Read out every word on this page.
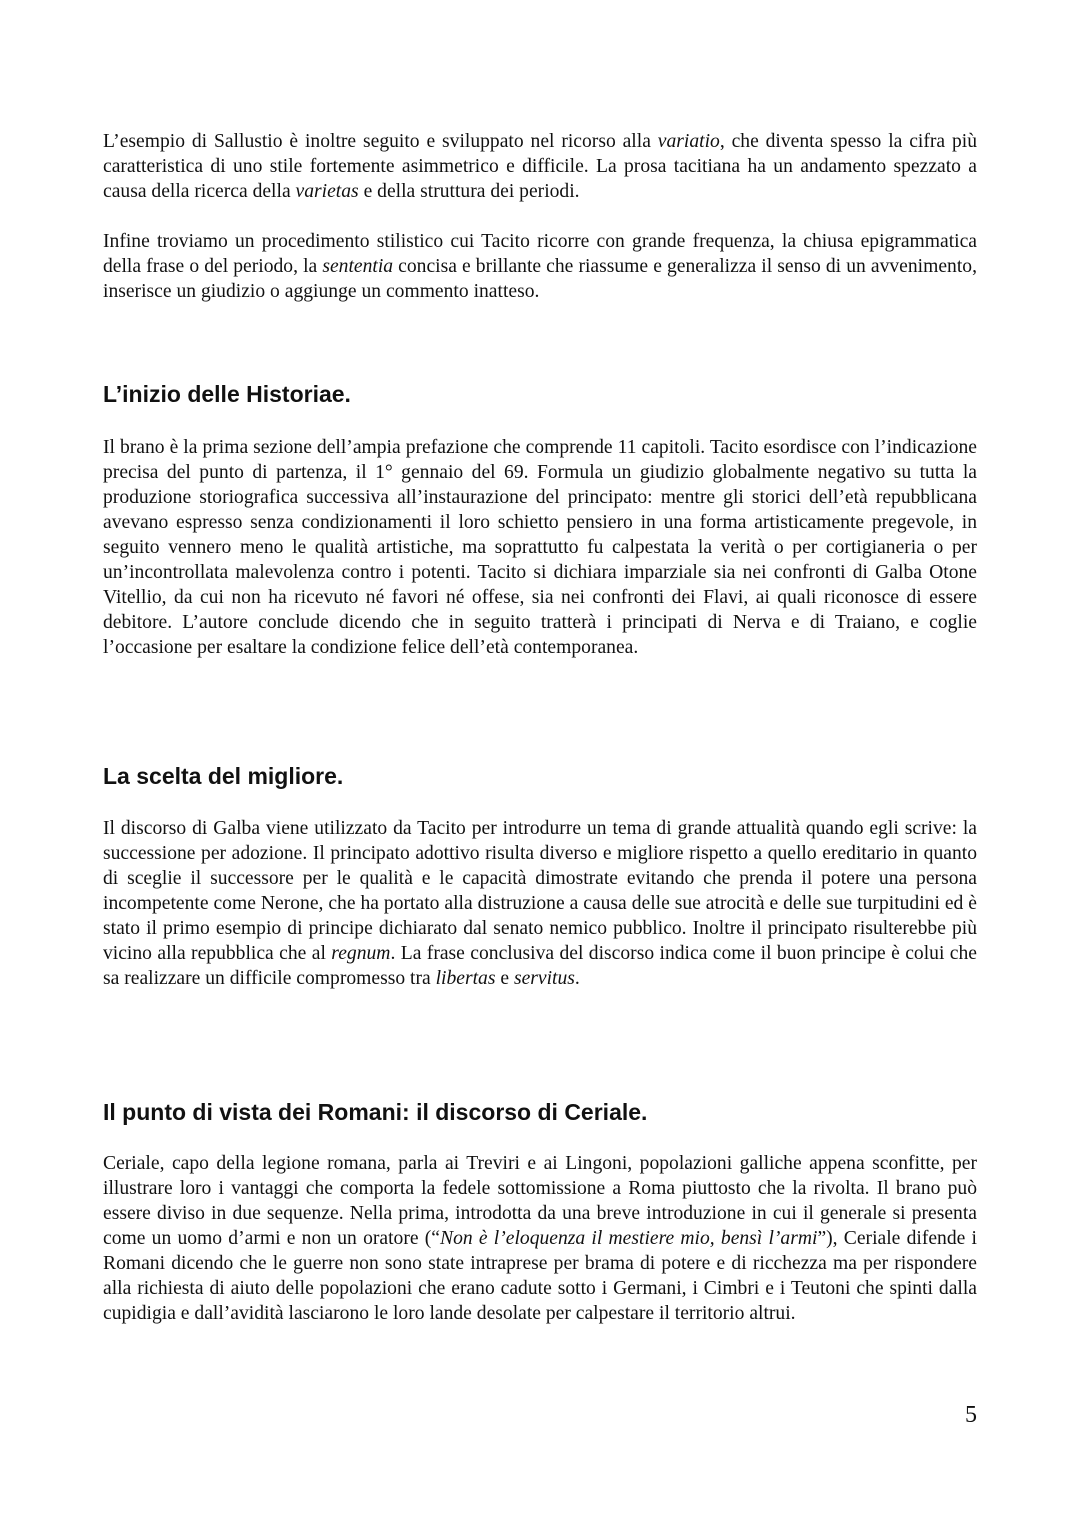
L’esempio di Sallustio è inoltre seguito e sviluppato nel ricorso alla variatio, che diventa spesso la cifra più caratteristica di uno stile fortemente asimmetrico e difficile. La prosa tacitiana ha un andamento spezzato a causa della ricerca della varietas e della struttura dei periodi.

Infine troviamo un procedimento stilistico cui Tacito ricorre con grande frequenza, la chiusa epigrammatica della frase o del periodo, la sententia concisa e brillante che riassume e generalizza il senso di un avvenimento, inserisce un giudizio o aggiunge un commento inatteso.

L’inizio delle Historiae.

Il brano è la prima sezione dell’ampia prefazione che comprende 11 capitoli. Tacito esordisce con l’indicazione precisa del punto di partenza, il 1° gennaio del 69. Formula un giudizio globalmente negativo su tutta la produzione storiografica successiva all’instaurazione del principato: mentre gli storici dell’età repubblicana avevano espresso senza condizionamenti il loro schietto pensiero in una forma artisticamente pregevole, in seguito vennero meno le qualità artistiche, ma soprattutto fu calpestata la verità o per cortigianeria o per un’incontrollata malevolenza contro i potenti. Tacito si dichiara imparziale sia nei confronti di Galba Otone Vitellio, da cui non ha ricevuto né favori né offese, sia nei confronti dei Flavi, ai quali riconosce di essere debitore. L’autore conclude dicendo che in seguito tratterà i principati di Nerva e di Traiano, e coglie l’occasione per esaltare la condizione felice dell’età contemporanea.

La scelta del migliore.

Il discorso di Galba viene utilizzato da Tacito per introdurre un tema di grande attualità quando egli scrive: la successione per adozione. Il principato adottivo risulta diverso e migliore rispetto a quello ereditario in quanto di sceglie il successore per le qualità e le capacità dimostrate evitando che prenda il potere una persona incompetente come Nerone, che ha portato alla distruzione a causa delle sue atrocità e delle sue turpitudini ed è stato il primo esempio di principe dichiarato dal senato nemico pubblico. Inoltre il principato risulterebbe più vicino alla repubblica che al regnum. La frase conclusiva del discorso indica come il buon principe è colui che sa realizzare un difficile compromesso tra libertas e servitus.

Il punto di vista dei Romani: il discorso di Ceriale.

Ceriale, capo della legione romana, parla ai Treviri e ai Lingoni, popolazioni galliche appena sconfitte, per illustrare loro i vantaggi che comporta la fedele sottomissione a Roma piuttosto che la rivolta. Il brano può essere diviso in due sequenze. Nella prima, introdotta da una breve introduzione in cui il generale si presenta come un uomo d’armi e non un oratore (“Non è l’eloquenza il mestiere mio, bensì l’armi”), Ceriale difende i Romani dicendo che le guerre non sono state intraprese per brama di potere e di ricchezza ma per rispondere alla richiesta di aiuto delle popolazioni che erano cadute sotto i Germani, i Cimbri e i Teutoni che spinti dalla cupidigia e dall’avidità lasciarono le loro lande desolate per calpestare il territorio altrui.

5
